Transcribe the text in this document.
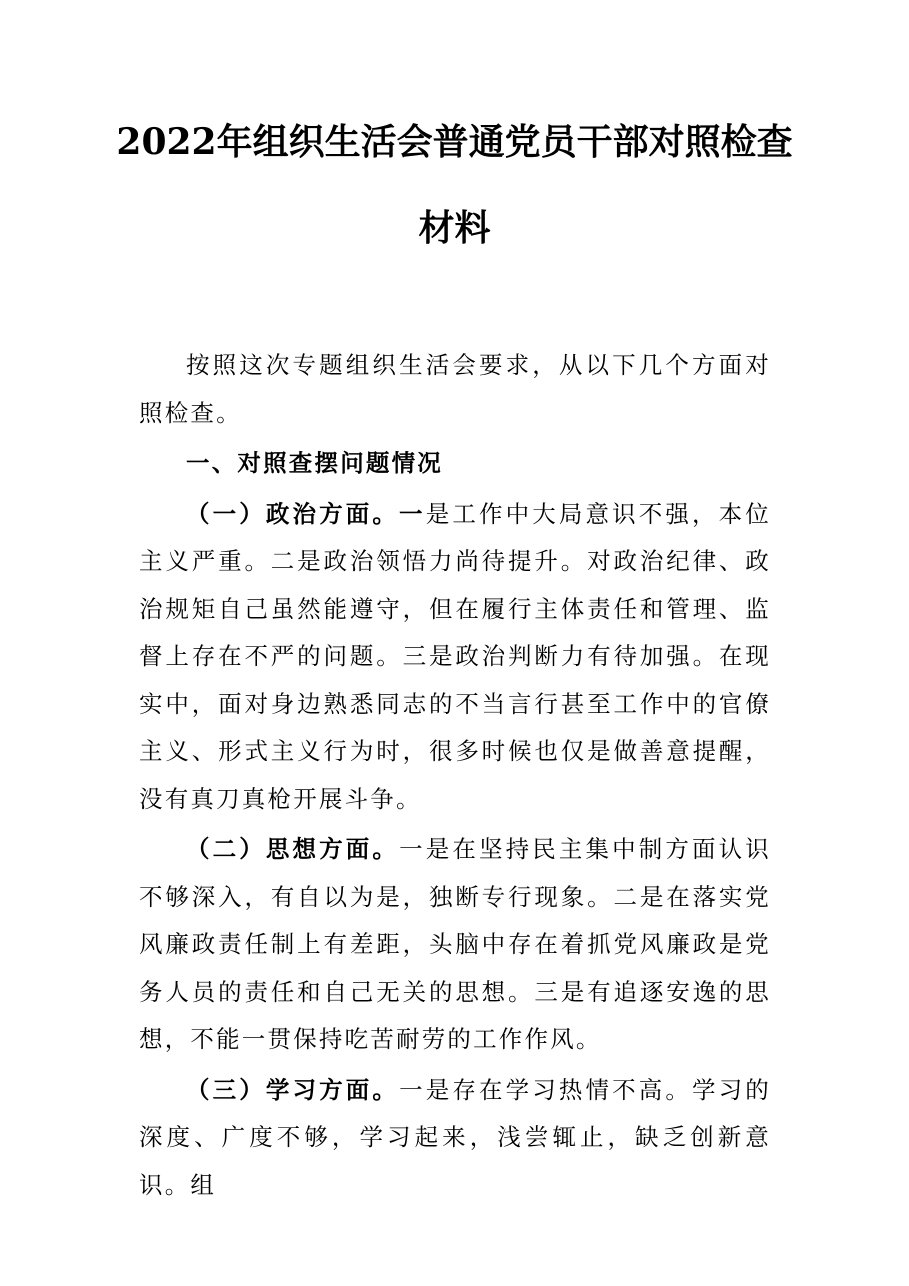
2022年组织生活会普通党员干部对照检查
材料

按照这次专题组织生活会要求，从以下几个方面对照检查。

一、对照查摆问题情况

（一）政治方面。一是工作中大局意识不强，本位主义严重。二是政治领悟力尚待提升。对政治纪律、政治规矩自己虽然能遵守，但在履行主体责任和管理、监督上存在不严的问题。三是政治判断力有待加强。在现实中，面对身边熟悉同志的不当言行甚至工作中的官僚主义、形式主义行为时，很多时候也仅是做善意提醒，没有真刀真枪开展斗争。

（二）思想方面。一是在坚持民主集中制方面认识不够深入，有自以为是，独断专行现象。二是在落实党风廉政责任制上有差距，头脑中存在着抓党风廉政是党务人员的责任和自己无关的思想。三是有追逐安逸的思想，不能一贯保持吃苦耐劳的工作作风。

（三）学习方面。一是存在学习热情不高。学习的深度、广度不够，学习起来，浅尝辄止，缺乏创新意识。组
